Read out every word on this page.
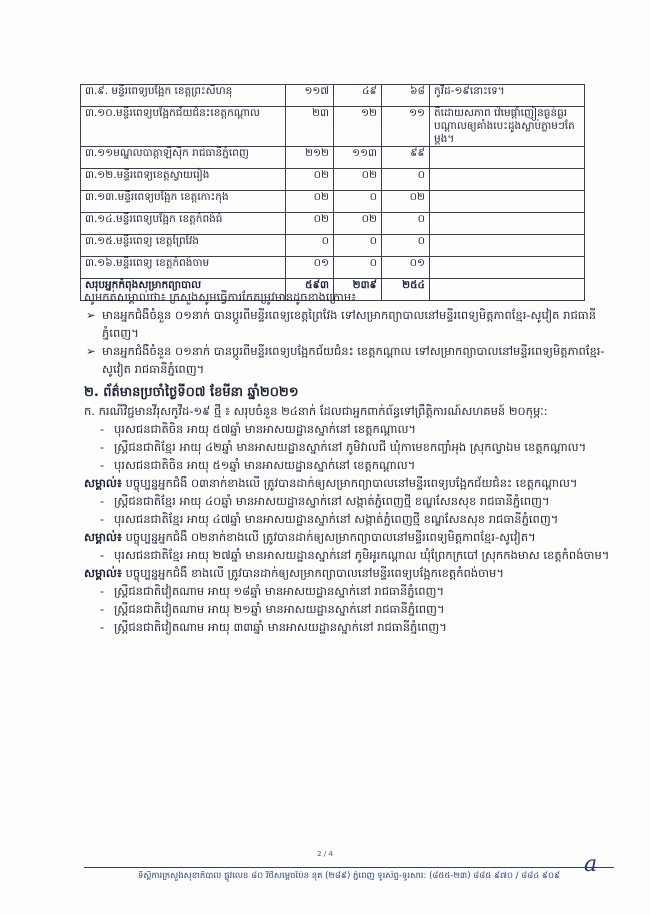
៣.៩. មន្ទីរពេទ្យបង្អែក ខេត្តព្រះសីហនុ	១១៧	៤៩	៦៨	កូវីដ-១៩នោះទេ។
៣.១០.មន្ទីរពេទ្យបង្អែកជ័យជំនះខេត្តកណ្តាល	២៣	១២	១១	តឺដោយសភាព វ៉េមេផ្តាំញៀនធ្ងន់ធ្ងរ បណ្តាលឲ្យគាំងបេះដូងស្លាប់ភ្លាមៗតែម្តង។
៣.១១មណ្ឌលបាត្តាឡឺស៊ីក រាជធានីភ្នំពេញ	២១២	១១៣	៩៩	
៣.១២.មន្ទីរពេទ្យខេត្តស្វាយរៀង	០២	០២	០	
៣.១៣.មន្ទីរពេទ្យបង្អែក ខេត្តកោះកុង	០២	០	០២	
៣.១៤.មន្ទីរពេទ្យបង្អែក ខេត្តកំពង់ធំ	០២	០២	០	
៣.១៥.មន្ទីរពេទ្យ ខេត្តព្រៃវែង	០	០	០	
៣.១៦.មន្ទីរពេទ្យ ខេត្តកំពង់ចាម	០១	០	០១	
សរុបអ្នកកំពុងសម្រាកព្យាបាល	៥៩៣	២៣៩	២៥៤	

សូមកត់សម្គាល់ថា៖ ក្រសួងសូមធ្វើការកែតម្រូវមានដូចខាងក្រោម៖

➢ មានអ្នកជំងឺចំនួន ០១នាក់ បានប្តូរពីមន្ទីរពេទ្យខេត្តព្រៃវែង ទៅសម្រាកព្យាបាលនៅមន្ទីរពេទ្យមិត្តភាពខ្មែរ-សូវៀត រាជធានីភ្នំពេញ។

➢ មានអ្នកជំងឺចំនួន ០១នាក់ បានប្តូរពីមន្ទីរពេទ្យបង្អែកជ័យជំនះ ខេត្តកណ្តាល ទៅសម្រាកព្យាបាលនៅមន្ទីរពេទ្យមិត្តភាពខ្មែរ-សូវៀត រាជធានីភ្នំពេញ។

២. ព័ត៌មានប្រចាំថ្ងៃទី០៧ ខែមីនា ឆ្នាំ២០២១

ក. ករណីវិជ្ជមានវីរុសកូវីដ-១៩ ថ្មី ៖ សរុបចំនួន ២៤នាក់ ដែលជាអ្នកពាក់ព័ន្ធទៅព្រឹត្តិការណ៍សហគមន៍ ២០កុម្ភៈ:

- បុរសជនជាតិចិន អាយុ ៥៧ឆ្នាំ មានអាសយដ្ឋានស្នាក់នៅ ខេត្តកណ្តាល។

- ស្ត្រីជនជាតិខ្មែរ អាយុ ៤២ឆ្នាំ មានអាសយដ្ឋានស្នាក់នៅ ភូមិវាលជី ឃុំកាមេខកញ្ចាំអុង ស្រុកល្វាឯម ខេត្តកណ្តាល។

- បុរសជនជាតិចិន អាយុ ៥១ឆ្នាំ មានអាសយដ្ឋានស្នាក់នៅ ខេត្តកណ្តាល។

សម្គាល់៖ បច្ចុប្បន្នអ្នកជំងឺ ០៣នាក់ខាងលើ ត្រូវបានដាក់ឲ្យសម្រាកព្យាបាលនៅមន្ទីរពេទ្យបង្អែកជ័យជំនះ ខេត្តកណ្តាល។

- ស្ត្រីជនជាតិខ្មែរ អាយុ ៤០ឆ្នាំ មានអាសយដ្ឋានស្នាក់នៅ សង្កាត់ភ្នំពេញថ្មី ខណ្ឌសែនសុខ រាជធានីភ្នំពេញ។

- បុរសជនជាតិខ្មែរ អាយុ ៤៧ឆ្នាំ មានអាសយដ្ឋានស្នាក់នៅ សង្កាត់ភ្នំពេញថ្មី ខណ្ឌសែនសុខ រាជធានីភ្នំពេញ។

សម្គាល់៖ បច្ចុប្បន្នអ្នកជំងឺ ០២នាក់ខាងលើ ត្រូវបានដាក់ឲ្យសម្រាកព្យាបាលនៅមន្ទីរពេទ្យមិត្តភាពខ្មែរ-សូវៀត។

- បុរសជនជាតិខ្មែរ អាយុ ២៧ឆ្នាំ មានអាសយដ្ឋានស្នាក់នៅ ភូមិអូរកណ្តាល ឃុំព្រែកក្របៅ ស្រុកកងមាស ខេត្តកំពង់ចាម។

សម្គាល់៖ បច្ចុប្បន្នអ្នកជំងឺ ខាងលើ ត្រូវបានដាក់ឲ្យសម្រាកព្យាបាលនៅមន្ទីរពេទ្យបង្អែកខេត្តកំពង់ចាម។

- ស្ត្រីជនជាតិវៀតណាម អាយុ ១៨ឆ្នាំ មានអាសយដ្ឋានស្នាក់នៅ រាជធានីភ្នំពេញ។

- ស្ត្រីជនជាតិវៀតណាម អាយុ ២១ឆ្នាំ មានអាសយដ្ឋានស្នាក់នៅ រាជធានីភ្នំពេញ។

- ស្ត្រីជនជាតិវៀតណាម អាយុ ៣៣ឆ្នាំ មានអាសយដ្ឋានស្នាក់នៅ រាជធានីភ្នំពេញ។

2 / 4	a
ទីស្តីការក្រសួងសុខាភិបាល ផ្លូវលេខ ៨០ វិថីសម្តេចប៉ែន នុត (២៨៩) ភ្នំពេញ ទូរស័ព្ទ-ទូរសារ: (៨៥៥-២៣) ៨៨៥ ៩៧០ / ៨៨៤ ៩០៩
